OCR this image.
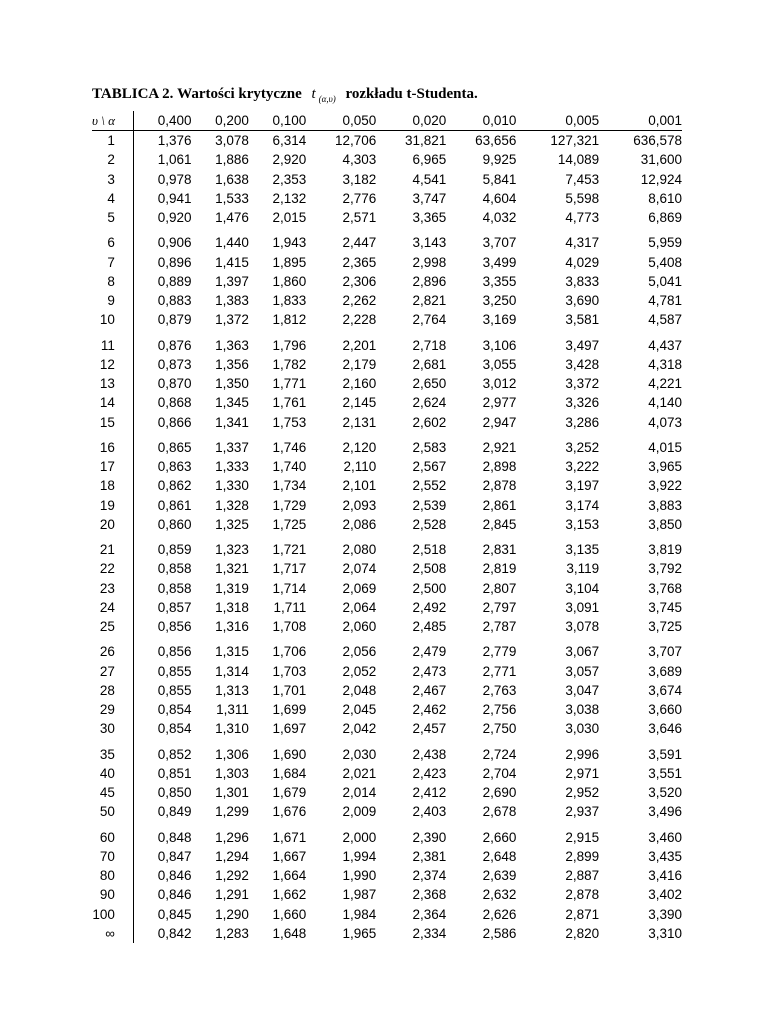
TABLICA 2. Wartości krytyczne t $_{(\alpha,\upsilon)}$ rozkładu t-Studenta.
υ \ α	0,400	0,200	0,100	0,050	0,020	0,010	0,005	0,001
1	1,376	3,078	6,314	12,706	31,821	63,656	127,321	636,578
2	1,061	1,886	2,920	4,303	6,965	9,925	14,089	31,600
3	0,978	1,638	2,353	3,182	4,541	5,841	7,453	12,924
4	0,941	1,533	2,132	2,776	3,747	4,604	5,598	8,610
5	0,920	1,476	2,015	2,571	3,365	4,032	4,773	6,869

6	0,906	1,440	1,943	2,447	3,143	3,707	4,317	5,959
7	0,896	1,415	1,895	2,365	2,998	3,499	4,029	5,408
8	0,889	1,397	1,860	2,306	2,896	3,355	3,833	5,041
9	0,883	1,383	1,833	2,262	2,821	3,250	3,690	4,781
10	0,879	1,372	1,812	2,228	2,764	3,169	3,581	4,587

11	0,876	1,363	1,796	2,201	2,718	3,106	3,497	4,437
12	0,873	1,356	1,782	2,179	2,681	3,055	3,428	4,318
13	0,870	1,350	1,771	2,160	2,650	3,012	3,372	4,221
14	0,868	1,345	1,761	2,145	2,624	2,977	3,326	4,140
15	0,866	1,341	1,753	2,131	2,602	2,947	3,286	4,073

16	0,865	1,337	1,746	2,120	2,583	2,921	3,252	4,015
17	0,863	1,333	1,740	2,110	2,567	2,898	3,222	3,965
18	0,862	1,330	1,734	2,101	2,552	2,878	3,197	3,922
19	0,861	1,328	1,729	2,093	2,539	2,861	3,174	3,883
20	0,860	1,325	1,725	2,086	2,528	2,845	3,153	3,850

21	0,859	1,323	1,721	2,080	2,518	2,831	3,135	3,819
22	0,858	1,321	1,717	2,074	2,508	2,819	3,119	3,792
23	0,858	1,319	1,714	2,069	2,500	2,807	3,104	3,768
24	0,857	1,318	1,711	2,064	2,492	2,797	3,091	3,745
25	0,856	1,316	1,708	2,060	2,485	2,787	3,078	3,725

26	0,856	1,315	1,706	2,056	2,479	2,779	3,067	3,707
27	0,855	1,314	1,703	2,052	2,473	2,771	3,057	3,689
28	0,855	1,313	1,701	2,048	2,467	2,763	3,047	3,674
29	0,854	1,311	1,699	2,045	2,462	2,756	3,038	3,660
30	0,854	1,310	1,697	2,042	2,457	2,750	3,030	3,646

35	0,852	1,306	1,690	2,030	2,438	2,724	2,996	3,591
40	0,851	1,303	1,684	2,021	2,423	2,704	2,971	3,551
45	0,850	1,301	1,679	2,014	2,412	2,690	2,952	3,520
50	0,849	1,299	1,676	2,009	2,403	2,678	2,937	3,496

60	0,848	1,296	1,671	2,000	2,390	2,660	2,915	3,460
70	0,847	1,294	1,667	1,994	2,381	2,648	2,899	3,435
80	0,846	1,292	1,664	1,990	2,374	2,639	2,887	3,416
90	0,846	1,291	1,662	1,987	2,368	2,632	2,878	3,402
100	0,845	1,290	1,660	1,984	2,364	2,626	2,871	3,390
∞	0,842	1,283	1,648	1,965	2,334	2,586	2,820	3,310
